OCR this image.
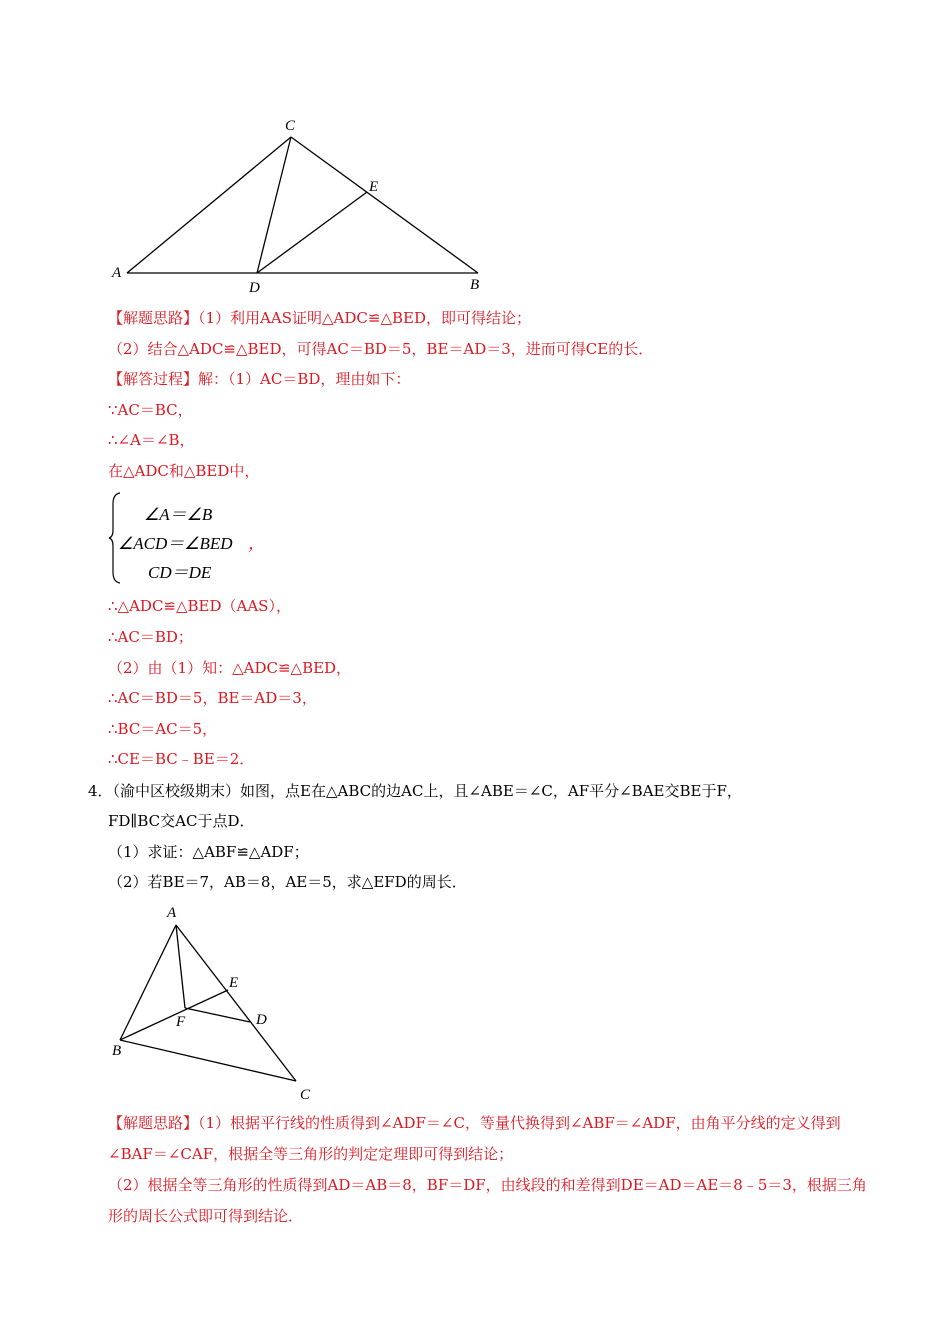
C
E
A
D	B
【解题思路】（1）利用AAS证明△ADC≌△BED，即可得结论；
（2）结合△ADC≌△BED，可得AC＝BD＝5，BE＝AD＝3，进而可得CE的长．
【解答过程】解：（1）AC＝BD，理由如下：
∵AC＝BC，
∴∠A＝∠B，
在△ADC和△BED中，
∠A＝∠B
∠ACD＝∠BED
CD＝DE
，
∴△ADC≌△BED（AAS），
∴AC＝BD；
（2）由（1）知：△ADC≌△BED，
∴AC＝BD＝5，BE＝AD＝3，
∴BC＝AC＝5，
∴CE＝BC﹣BE＝2．
4．（渝中区校级期末）如图，点E在△ABC的边AC上，且∠ABE＝∠C，AF平分∠BAE交BE于F，
FD∥BC交AC于点D．
（1）求证：△ABF≌△ADF；
（2）若BE＝7，AB＝8，AE＝5，求△EFD的周长．
A
E
F	D
B
C
【解题思路】（1）根据平行线的性质得到∠ADF＝∠C，等量代换得到∠ABF＝∠ADF，由角平分线的定义得到∠BAF＝∠CAF，根据全等三角形的判定定理即可得到结论；
（2）根据全等三角形的性质得到AD＝AB＝8，BF＝DF，由线段的和差得到DE＝AD＝AE＝8﹣5＝3，根据三角形的周长公式即可得到结论．
